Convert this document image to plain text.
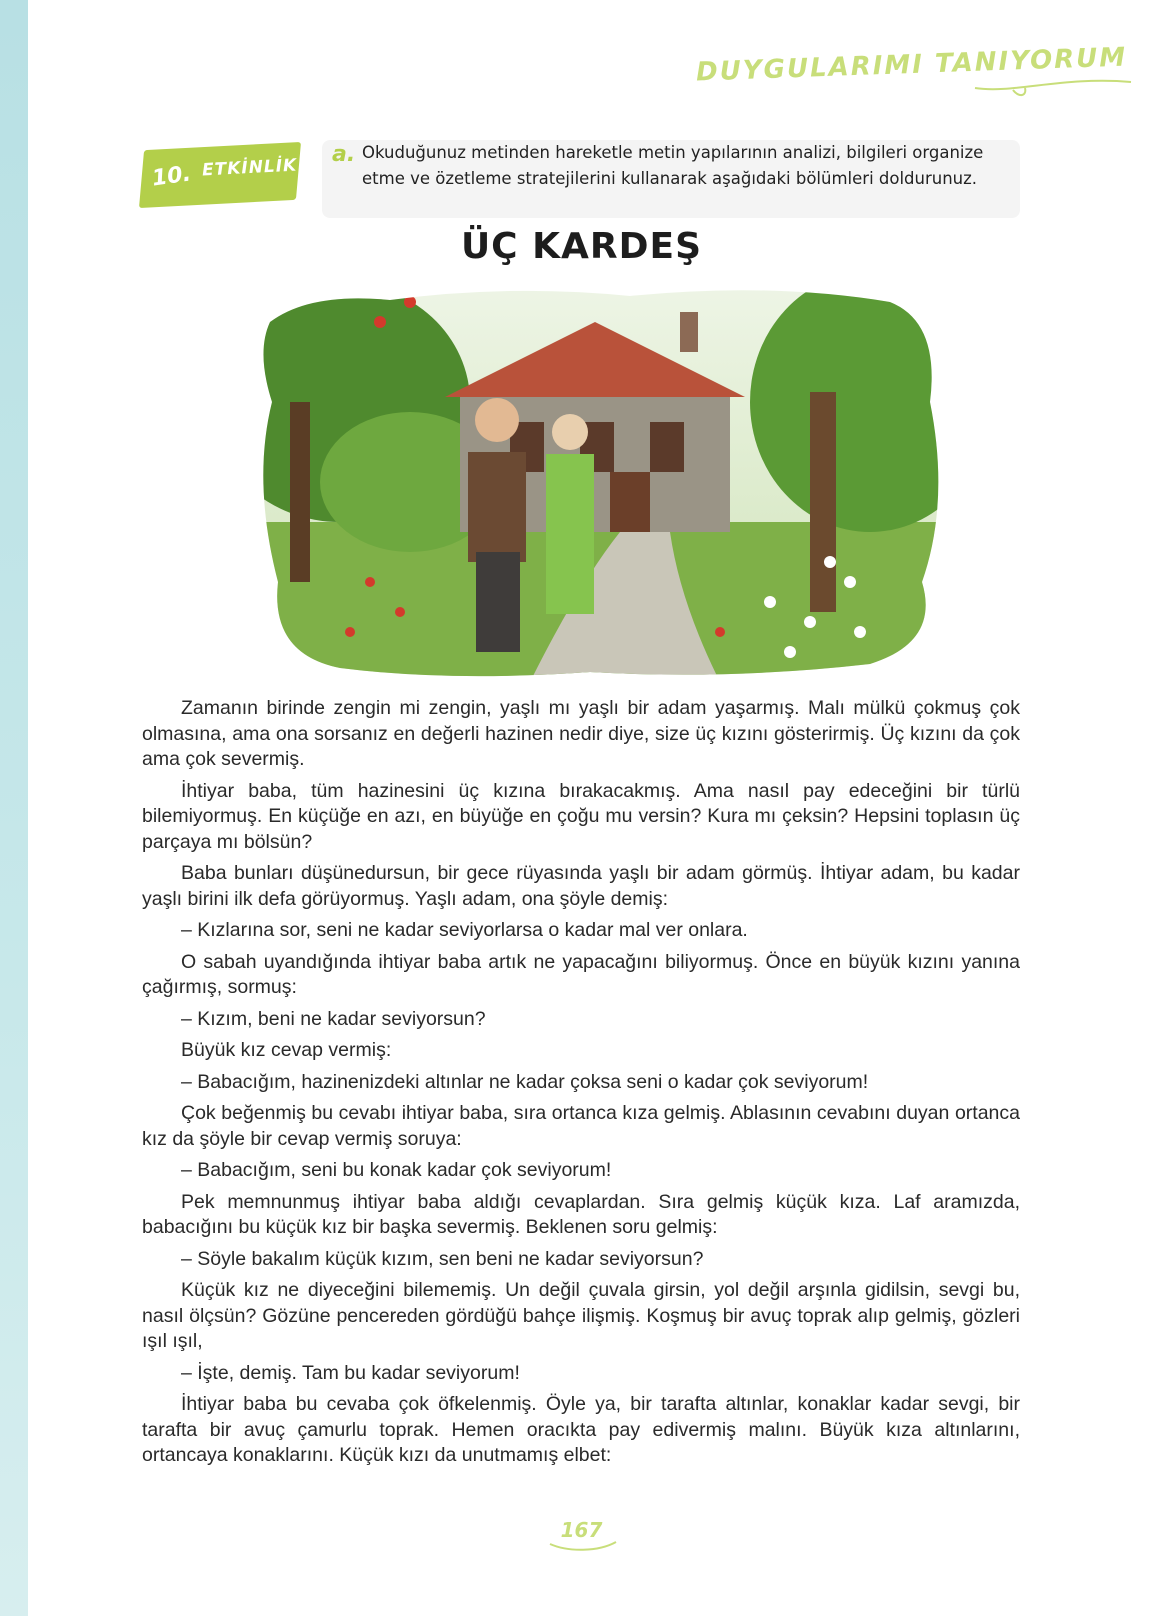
DUYGULARIMI TANIYORUM
10. ETKİNLİK
a. Okuduğunuz metinden hareketle metin yapılarının analizi, bilgileri organize etme ve özetleme stratejilerini kullanarak aşağıdaki bölümleri doldurunuz.
ÜÇ KARDEŞ

Zamanın birinde zengin mi zengin, yaşlı mı yaşlı bir adam yaşarmış. Malı mülkü çokmuş çok olmasına, ama ona sorsanız en değerli hazinen nedir diye, size üç kızını gösterirmiş. Üç kızını da çok ama çok severmiş.

İhtiyar baba, tüm hazinesini üç kızına bırakacakmış. Ama nasıl pay edeceğini bir türlü bilemiyormuş. En küçüğe en azı, en büyüğe en çoğu mu versin? Kura mı çeksin? Hepsini toplasın üç parçaya mı bölsün?

Baba bunları düşünedursun, bir gece rüyasında yaşlı bir adam görmüş. İhtiyar adam, bu kadar yaşlı birini ilk defa görüyormuş. Yaşlı adam, ona şöyle demiş:

– Kızlarına sor, seni ne kadar seviyorlarsa o kadar mal ver onlara.

O sabah uyandığında ihtiyar baba artık ne yapacağını biliyormuş. Önce en büyük kızını yanına çağırmış, sormuş:

– Kızım, beni ne kadar seviyorsun?

Büyük kız cevap vermiş:

– Babacığım, hazinenizdeki altınlar ne kadar çoksa seni o kadar çok seviyorum!

Çok beğenmiş bu cevabı ihtiyar baba, sıra ortanca kıza gelmiş. Ablasının cevabını duyan ortanca kız da şöyle bir cevap vermiş soruya:

– Babacığım, seni bu konak kadar çok seviyorum!

Pek memnunmuş ihtiyar baba aldığı cevaplardan. Sıra gelmiş küçük kıza. Laf aramızda, babacığını bu küçük kız bir başka severmiş. Beklenen soru gelmiş:

– Söyle bakalım küçük kızım, sen beni ne kadar seviyorsun?

Küçük kız ne diyeceğini bilememiş. Un değil çuvala girsin, yol değil arşınla gidilsin, sevgi bu, nasıl ölçsün? Gözüne pencereden gördüğü bahçe ilişmiş. Koşmuş bir avuç toprak alıp gelmiş, gözleri ışıl ışıl,

– İşte, demiş. Tam bu kadar seviyorum!

İhtiyar baba bu cevaba çok öfkelenmiş. Öyle ya, bir tarafta altınlar, konaklar kadar sevgi, bir tarafta bir avuç çamurlu toprak. Hemen oracıkta pay edivermiş malını. Büyük kıza altınlarını, ortancaya konaklarını. Küçük kızı da unutmamış elbet:

167
